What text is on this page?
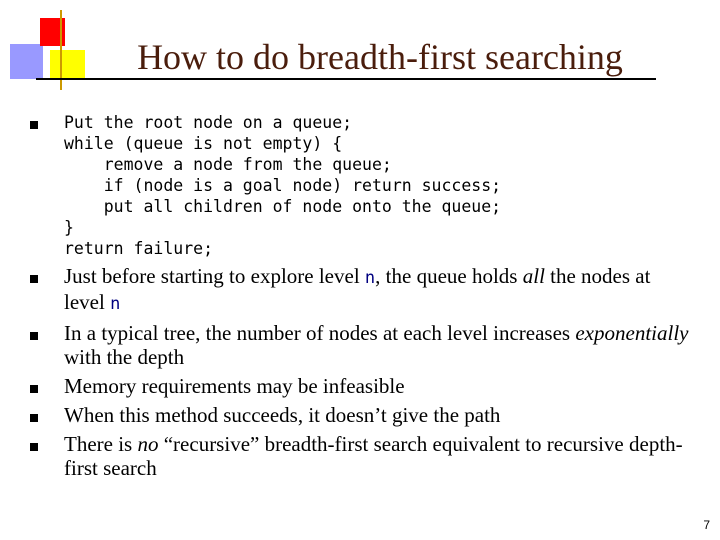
How to do breadth-first searching
Put the root node on a queue;
while (queue is not empty) {
remove a node from the queue;
if (node is a goal node) return success;
put all children of node onto the queue;
}
return failure;
Just before starting to explore level n, the queue holds all the nodes at level n
In a typical tree, the number of nodes at each level increases exponentially with the depth
Memory requirements may be infeasible
When this method succeeds, it doesn’t give the path
There is no “recursive” breadth-first search equivalent to recursive depth-first search
7
